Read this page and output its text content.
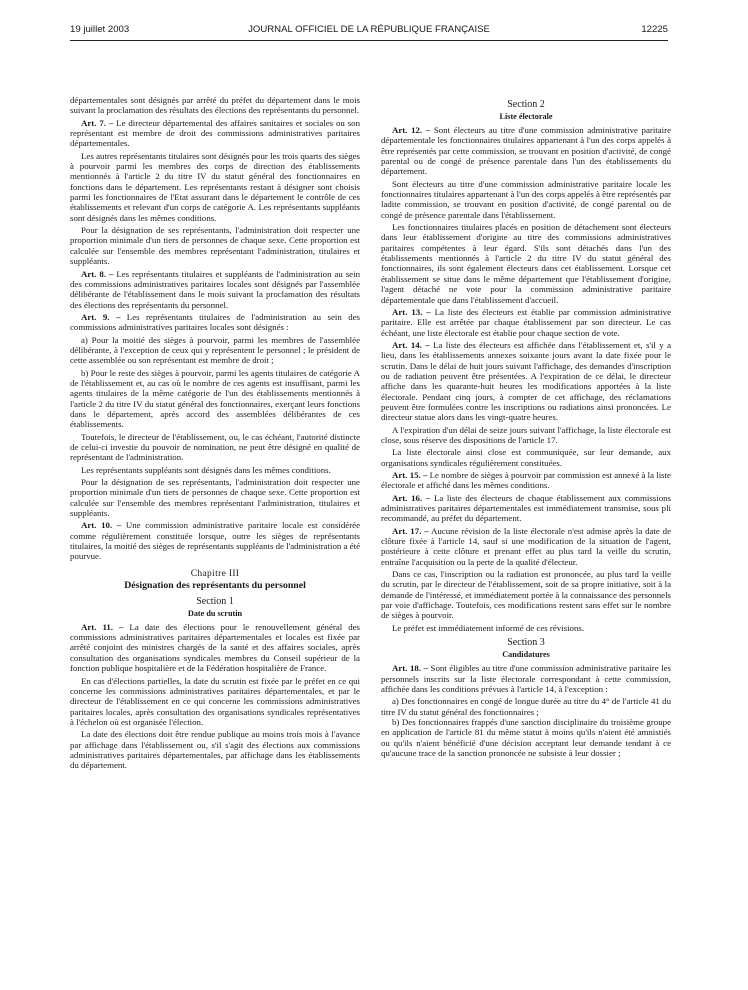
19 juillet 2003	JOURNAL OFFICIEL DE LA RÉPUBLIQUE FRANÇAISE	12225

départementales sont désignés par arrêté du préfet du département dans le mois suivant la proclamation des résultats des élections des représentants du personnel.

Art. 7. – Le directeur départemental des affaires sanitaires et sociales ou son représentant est membre de droit des commissions administratives paritaires départementales.

Les autres représentants titulaires sont désignés pour les trois quarts des sièges à pourvoir parmi les membres des corps de direction des établissements mentionnés à l'article 2 du titre IV du statut général des fonctionnaires en fonctions dans le département. Les représentants restant à désigner sont choisis parmi les fonctionnaires de l'Etat assurant dans le département le contrôle de ces établissements et relevant d'un corps de catégorie A. Les représentants suppléants sont désignés dans les mêmes conditions.

Pour la désignation de ses représentants, l'administration doit respecter une proportion minimale d'un tiers de personnes de chaque sexe. Cette proportion est calculée sur l'ensemble des membres représentant l'administration, titulaires et suppléants.

Art. 8. – Les représentants titulaires et suppléants de l'administration au sein des commissions administratives paritaires locales sont désignés par l'assemblée délibérante de l'établissement dans le mois suivant la proclamation des résultats des élections des représentants du personnel.

Art. 9. – Les représentants titulaires de l'administration au sein des commissions administratives paritaires locales sont désignés :

a) Pour la moitié des sièges à pourvoir, parmi les membres de l'assemblée délibérante, à l'exception de ceux qui y représentent le personnel ; le président de cette assemblée ou son représentant est membre de droit ;

b) Pour le reste des sièges à pourvoir, parmi les agents titulaires de catégorie A de l'établissement et, au cas où le nombre de ces agents est insuffisant, parmi les agents titulaires de la même catégorie de l'un des établissements mentionnés à l'article 2 du titre IV du statut général des fonctionnaires, exerçant leurs fonctions dans le département, après accord des assemblées délibérantes de ces établissements.

Toutefois, le directeur de l'établissement, ou, le cas échéant, l'autorité distincte de celui-ci investie du pouvoir de nomination, ne peut être désigné en qualité de représentant de l'administration.

Les représentants suppléants sont désignés dans les mêmes conditions.

Pour la désignation de ses représentants, l'administration doit respecter une proportion minimale d'un tiers de personnes de chaque sexe. Cette proportion est calculée sur l'ensemble des membres représentant l'administration, titulaires et suppléants.

Art. 10. – Une commission administrative paritaire locale est considérée comme régulièrement constituée lorsque, outre les sièges de représentants titulaires, la moitié des sièges de représentants suppléants de l'administration a été pourvue.

Chapitre III
Désignation des représentants du personnel
Section 1
Date du scrutin

Art. 11. – La date des élections pour le renouvellement général des commissions administratives paritaires départementales et locales est fixée par arrêté conjoint des ministres chargés de la santé et des affaires sociales, après consultation des organisations syndicales membres du Conseil supérieur de la fonction publique hospitalière et de la Fédération hospitalière de France.

En cas d'élections partielles, la date du scrutin est fixée par le préfet en ce qui concerne les commissions administratives paritaires départementales, et par le directeur de l'établissement en ce qui concerne les commissions administratives paritaires locales, après consultation des organisations syndicales représentatives à l'échelon où est organisée l'élection.

La date des élections doit être rendue publique au moins trois mois à l'avance par affichage dans l'établissement ou, s'il s'agit des élections aux commissions administratives paritaires départementales, par affichage dans les établissements du département.

Section 2
Liste électorale

Art. 12. – Sont électeurs au titre d'une commission administrative paritaire départementale les fonctionnaires titulaires appartenant à l'un des corps appelés à être représentés par cette commission, se trouvant en position d'activité, de congé parental ou de congé de présence parentale dans l'un des établissements du département.

Sont électeurs au titre d'une commission administrative paritaire locale les fonctionnaires titulaires appartenant à l'un des corps appelés à être représentés par ladite commission, se trouvant en position d'activité, de congé parental ou de congé de présence parentale dans l'établissement.

Les fonctionnaires titulaires placés en position de détachement sont électeurs dans leur établissement d'origine au titre des commissions administratives paritaires compétentes à leur égard. S'ils sont détachés dans l'un des établissements mentionnés à l'article 2 du titre IV du statut général des fonctionnaires, ils sont également électeurs dans cet établissement. Lorsque cet établissement se situe dans le même département que l'établissement d'origine, l'agent détaché ne vote pour la commission administrative paritaire départementale que dans l'établissement d'accueil.

Art. 13. – La liste des électeurs est établie par commission administrative paritaire. Elle est arrêtée par chaque établissement par son directeur. Le cas échéant, une liste électorale est établie pour chaque section de vote.

Art. 14. – La liste des électeurs est affichée dans l'établissement et, s'il y a lieu, dans les établissements annexes soixante jours avant la date fixée pour le scrutin. Dans le délai de huit jours suivant l'affichage, des demandes d'inscription ou de radiation peuvent être présentées. A l'expiration de ce délai, le directeur affiche dans les quarante-huit heures les modifications apportées à la liste électorale. Pendant cinq jours, à compter de cet affichage, des réclamations peuvent être formulées contre les inscriptions ou radiations ainsi prononcées. Le directeur statue alors dans les vingt-quatre heures.

A l'expiration d'un délai de seize jours suivant l'affichage, la liste électorale est close, sous réserve des dispositions de l'article 17.

La liste électorale ainsi close est communiquée, sur leur demande, aux organisations syndicales régulièrement constituées.

Art. 15. – Le nombre de sièges à pourvoir par commission est annexé à la liste électorale et affiché dans les mêmes conditions.

Art. 16. – La liste des électeurs de chaque établissement aux commissions administratives paritaires départementales est immédiatement transmise, sous pli recommandé, au préfet du département.

Art. 17. – Aucune révision de la liste électorale n'est admise après la date de clôture fixée à l'article 14, sauf si une modification de la situation de l'agent, postérieure à cette clôture et prenant effet au plus tard la veille du scrutin, entraîne l'acquisition ou la perte de la qualité d'électeur.

Dans ce cas, l'inscription ou la radiation est prononcée, au plus tard la veille du scrutin, par le directeur de l'établissement, soit de sa propre initiative, soit à la demande de l'intéressé, et immédiatement portée à la connaissance des personnels par voie d'affichage. Toutefois, ces modifications restent sans effet sur le nombre de sièges à pourvoir.

Le préfet est immédiatement informé de ces révisions.

Section 3
Candidatures

Art. 18. – Sont éligibles au titre d'une commission administrative paritaire les personnels inscrits sur la liste électorale correspondant à cette commission, affichée dans les conditions prévues à l'article 14, à l'exception :

a) Des fonctionnaires en congé de longue durée au titre du 4° de l'article 41 du titre IV du statut général des fonctionnaires ;

b) Des fonctionnaires frappés d'une sanction disciplinaire du troisième groupe en application de l'article 81 du même statut à moins qu'ils n'aient été amnistiés ou qu'ils n'aient bénéficié d'une décision acceptant leur demande tendant à ce qu'aucune trace de la sanction prononcée ne subsiste à leur dossier ;
